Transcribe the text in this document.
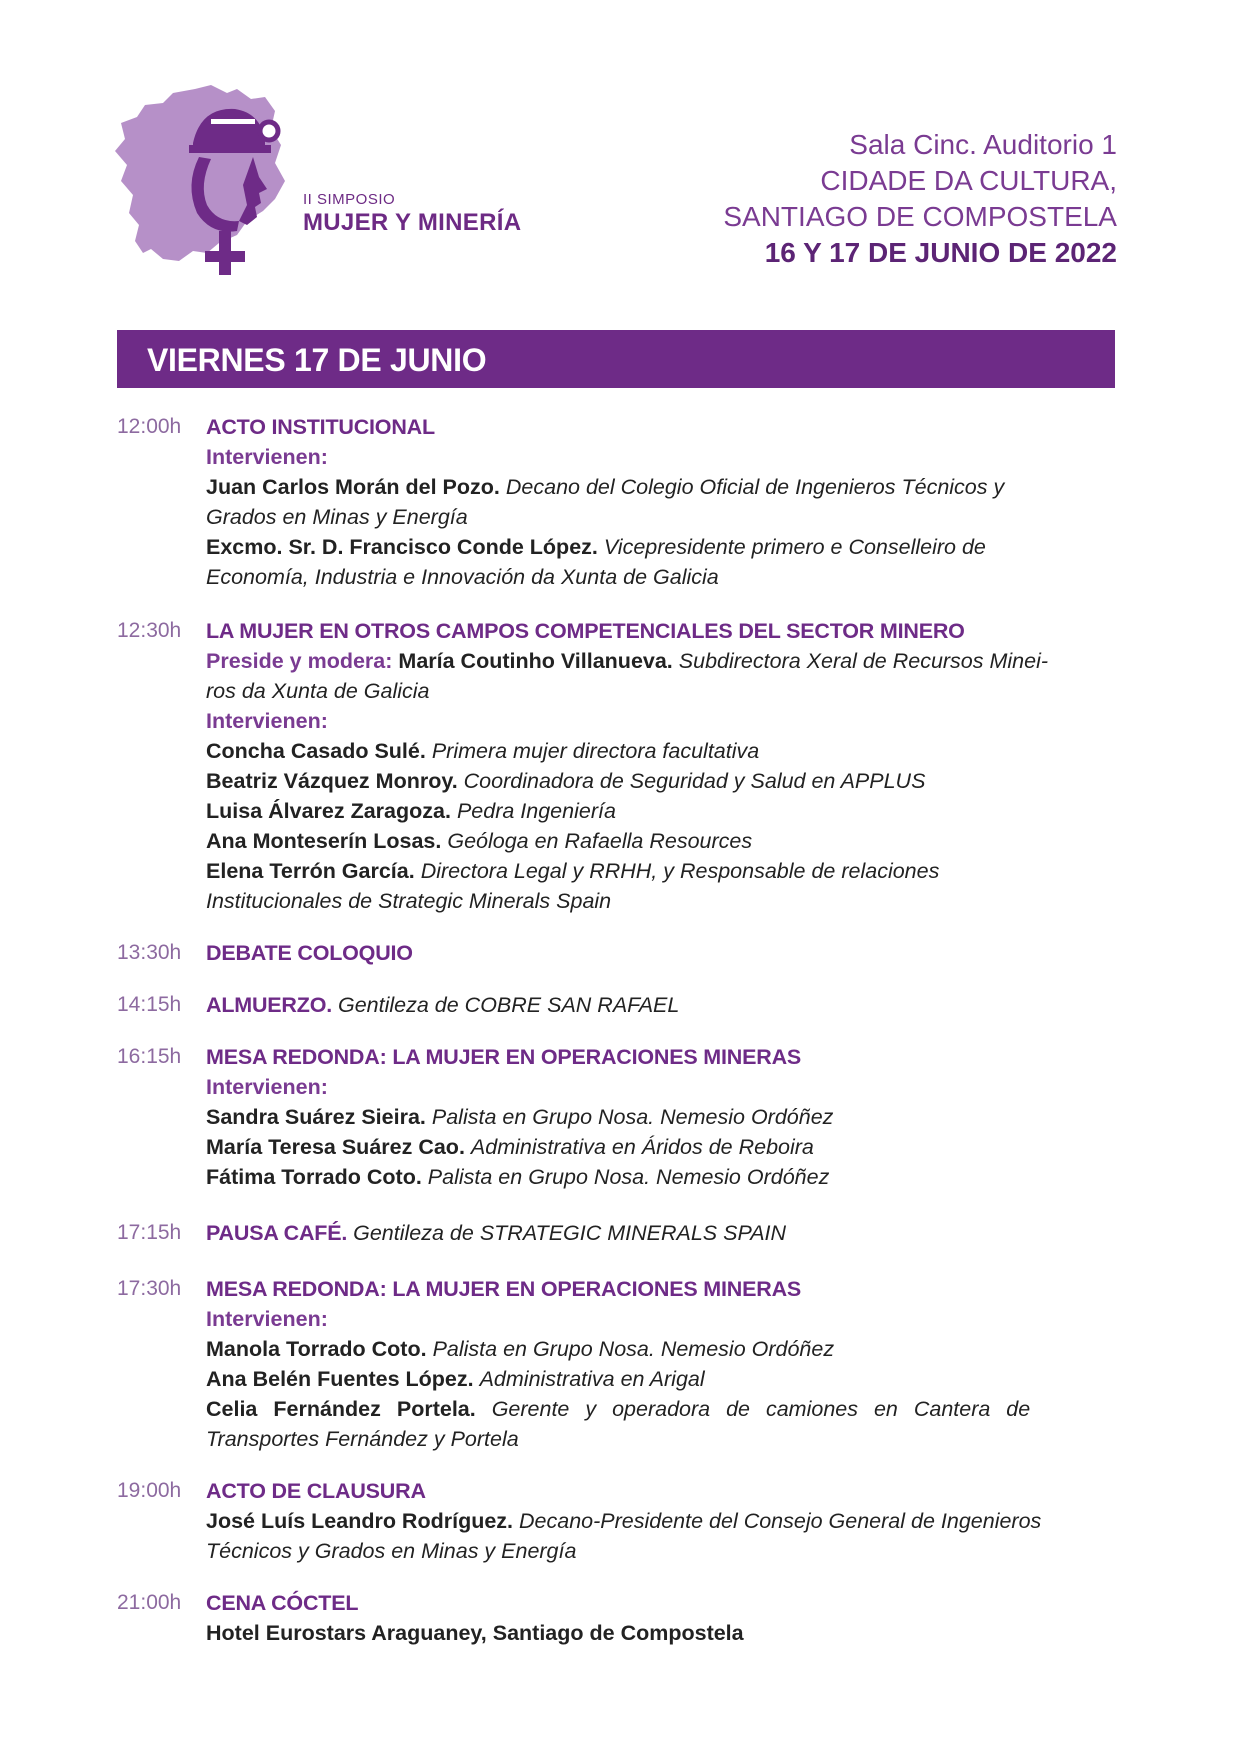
II SIMPOSIO
MUJER Y MINERÍA
Sala Cinc. Auditorio 1
CIDADE DA CULTURA,
SANTIAGO DE COMPOSTELA
16 Y 17 DE JUNIO DE 2022
VIERNES 17 DE JUNIO
12:00h ACTO INSTITUCIONAL
Intervienen:
Juan Carlos Morán del Pozo. Decano del Colegio Oficial de Ingenieros Técnicos y
Grados en Minas y Energía
Excmo. Sr. D. Francisco Conde López. Vicepresidente primero e Conselleiro de
Economía, Industria e Innovación da Xunta de Galicia
12:30h LA MUJER EN OTROS CAMPOS COMPETENCIALES DEL SECTOR MINERO
Preside y modera: María Coutinho Villanueva. Subdirectora Xeral de Recursos Minei-
ros da Xunta de Galicia
Intervienen:
Concha Casado Sulé. Primera mujer directora facultativa
Beatriz Vázquez Monroy. Coordinadora de Seguridad y Salud en APPLUS
Luisa Álvarez Zaragoza. Pedra Ingeniería
Ana Monteserín Losas. Geóloga en Rafaella Resources
Elena Terrón García. Directora Legal y RRHH, y Responsable de relaciones
Institucionales de Strategic Minerals Spain
13:30h DEBATE COLOQUIO
14:15h ALMUERZO. Gentileza de COBRE SAN RAFAEL
16:15h MESA REDONDA: LA MUJER EN OPERACIONES MINERAS
Intervienen:
Sandra Suárez Sieira. Palista en Grupo Nosa. Nemesio Ordóñez
María Teresa Suárez Cao. Administrativa en Áridos de Reboira
Fátima Torrado Coto. Palista en Grupo Nosa. Nemesio Ordóñez
17:15h PAUSA CAFÉ. Gentileza de STRATEGIC MINERALS SPAIN
17:30h MESA REDONDA: LA MUJER EN OPERACIONES MINERAS
Intervienen:
Manola Torrado Coto. Palista en Grupo Nosa. Nemesio Ordóñez
Ana Belén Fuentes López. Administrativa en Arigal
Celia Fernández Portela. Gerente y operadora de camiones en Cantera de
Transportes Fernández y Portela
19:00h ACTO DE CLAUSURA
José Luís Leandro Rodríguez. Decano-Presidente del Consejo General de Ingenieros
Técnicos y Grados en Minas y Energía
21:00h CENA CÓCTEL
Hotel Eurostars Araguaney, Santiago de Compostela
